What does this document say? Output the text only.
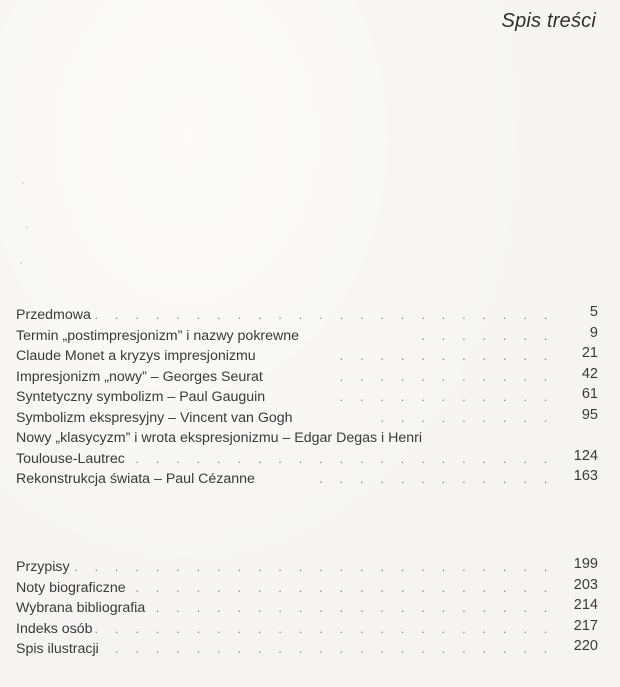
Spis treści
. . . . . . . . . . . . . . . . . . . . . . . .
Przedmowa	5
. . . . . . .
Termin „postimpresjonizm” i nazwy pokrewne	9
. . . . . . . . . . .
Claude Monet a kryzys impresjonizmu	21
. . . . . . . . . . .
Impresjonizm „nowy” – Georges Seurat	42
. . . . . . . . . . .
Syntetyczny symbolizm – Paul Gauguin	61
. . . . . . . . .
Symbolizm ekspresyjny – Vincent van Gogh	95
Nowy „klasycyzm” i wrota ekspresjonizmu – Edgar Degas i Henri
. . . . . . . . . . . . . . . . . . . . . . .
Toulouse-Lautrec	124
. . . . . . . . . . . .
Rekonstrukcja świata – Paul Cézanne	163
. . . . . . . . . . . . . . . . . . . . . . . . .
Przypisy	199
. . . . . . . . . . . . . . . . . . . . . .
Noty biograficzne	203
. . . . . . . . . . . . . . . . . . . . . .
Wybrana bibliografia	214
. . . . . . . . . . . . . . . . . . . . . . . .
Indeks osób	217
. . . . . . . . . . . . . . . . . . . . . . .
Spis ilustracji	220
